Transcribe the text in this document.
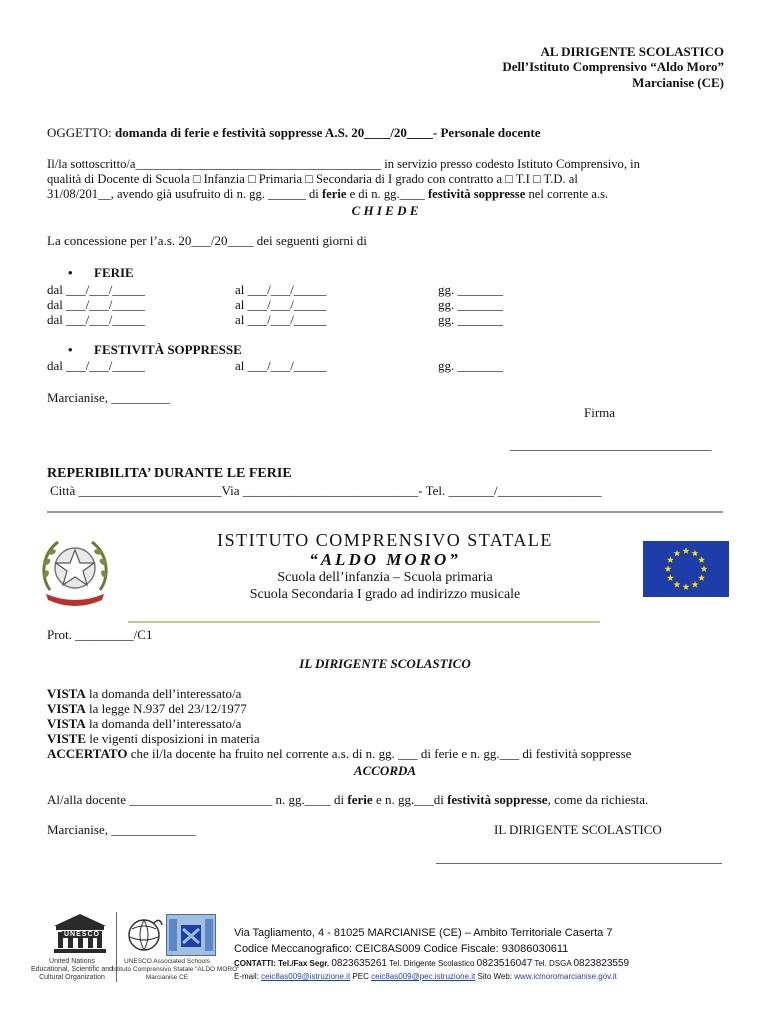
AL DIRIGENTE SCOLASTICO
Dell’Istituto Comprensivo “Aldo Moro”
Marcianise (CE)
OGGETTO: domanda di ferie e festività soppresse A.S. 20____/20____- Personale docente
Il/la sottoscritto/a_______________________________________ in servizio presso codesto Istituto Comprensivo, in
qualità di Docente di Scuola □ Infanzia □ Primaria □ Secondaria di I grado con contratto a □ T.I □ T.D. al
31/08/201__, avendo già usufruito di n. gg. ______ di ferie e di n. gg.____ festività soppresse nel corrente a.s.
C H I E D E
La concessione per l’a.s. 20___/20____ dei seguenti giorni di
• FERIE
dal ___/___/_____	al ___/___/_____	gg. _______
dal ___/___/_____	al ___/___/_____	gg. _______
dal ___/___/_____	al ___/___/_____	gg. _______
• FESTIVITÀ SOPPRESSE
dal ___/___/_____	al ___/___/_____	gg. _______
Marcianise, _________
Firma
_______________________________
REPERIBILITA’ DURANTE LE FERIE
Città ______________________Via ___________________________- Tel. _______/________________
ISTITUTO COMPRENSIVO STATALE
“ALDO MORO”
Scuola dell’infanzia – Scuola primaria
Scuola Secondaria I grado ad indirizzo musicale
Prot. _________/C1
IL DIRIGENTE SCOLASTICO
VISTA la domanda dell’interessato/a
VISTA la legge N.937 del 23/12/1977
VISTA la domanda dell’interessato/a
VISTE le vigenti disposizioni in materia
ACCERTATO che il/la docente ha fruito nel corrente a.s. di n. gg. ___ di ferie e n. gg.___ di festività soppresse
ACCORDA
Al/alla docente ______________________ n. gg.____ di ferie e n. gg.___di festività soppresse, come da richiesta.
Marcianise, _____________	IL DIRIGENTE SCOLASTICO
____________________________________________
UNESCO
United Nations
Educational, Scientific and
Cultural Organization
UNESCO Associated Schools
Istituto Comprensivo Statale "ALDO MORO"
Marcianise CE
Via Tagliamento, 4 - 81025 MARCIANISE (CE) – Ambito Territoriale Caserta 7
Codice Meccanografico: CEIC8AS009 Codice Fiscale: 93086030611
CONTATTI: Tel./Fax Segr. 0823635261 Tel. Dirigente Scolastico 0823516047 Tel. DSGA 0823823559
E-mail: ceic8as009@istruzione.it PEC ceic8as009@pec.istruzione.it Sito Web: www.icmoromarcianise.gov.it
